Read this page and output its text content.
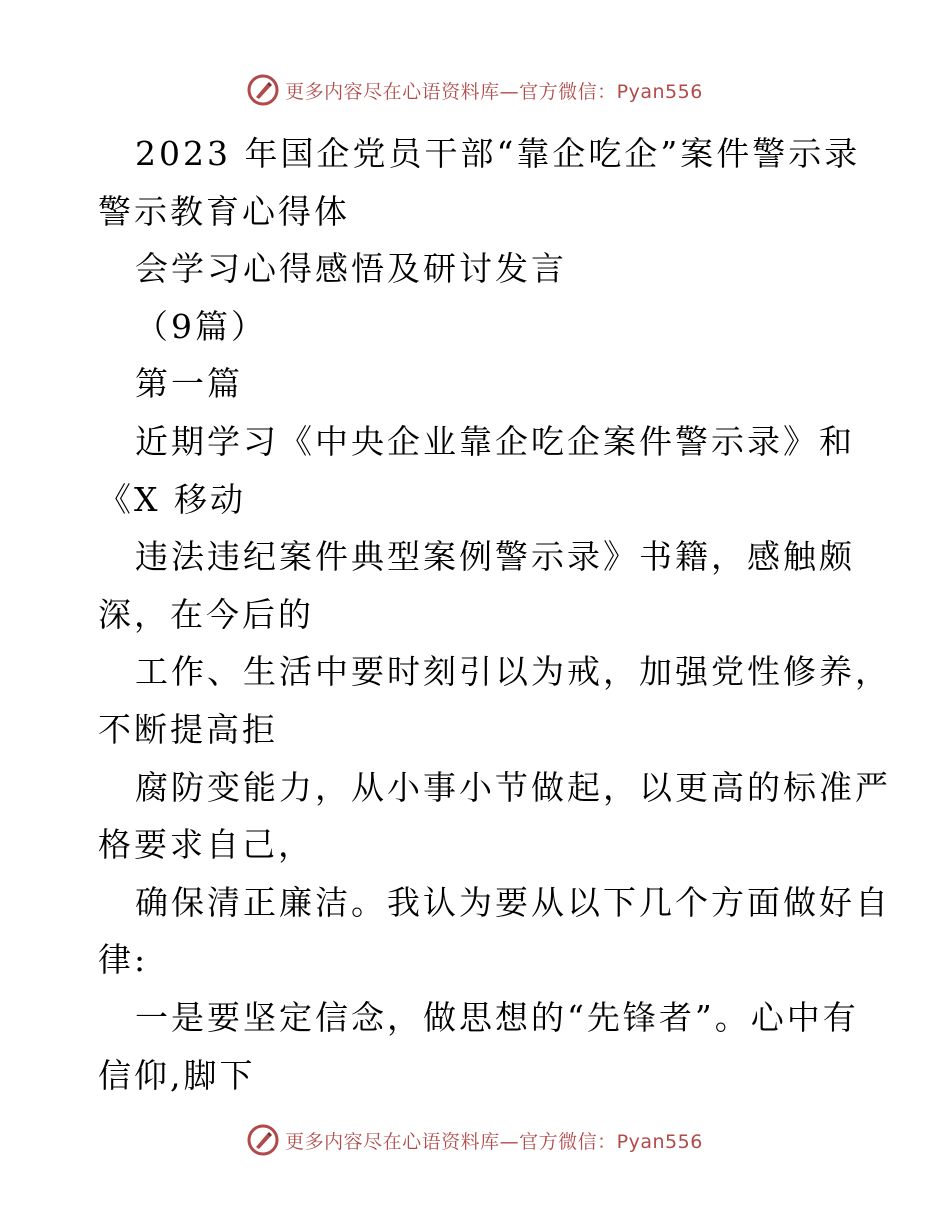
更多内容尽在心语资料库—官方微信：Pyan556
2023 年国企党员干部“靠企吃企”案件警示录
警示教育心得体
会学习心得感悟及研讨发言
（9篇）
第一篇
近期学习《中央企业靠企吃企案件警示录》和
《X 移动
违法违纪案件典型案例警示录》书籍，感触颇
深，在今后的
工作、生活中要时刻引以为戒，加强党性修养，
不断提高拒
腐防变能力，从小事小节做起，以更高的标准严
格要求自己，
确保清正廉洁。我认为要从以下几个方面做好自
律:
一是要坚定信念，做思想的“先锋者”。心中有
信仰,脚下
更多内容尽在心语资料库—官方微信：Pyan556
